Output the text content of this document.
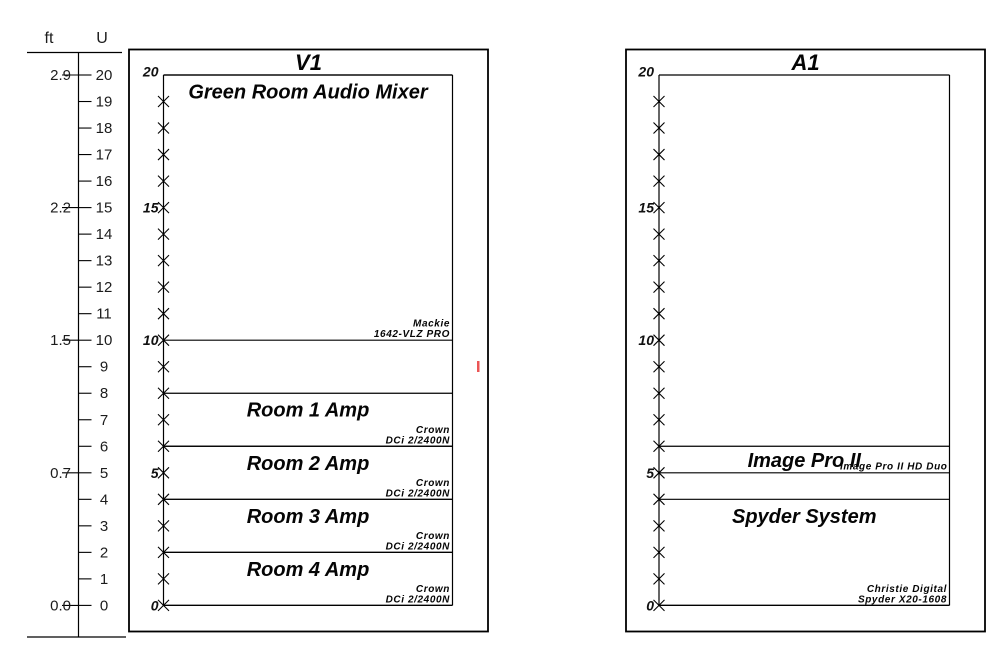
ft	U
20
19
18
17
16
15
14
13
12
11
10
9
8
7
6
5
4
3
2
1
0
2.9
2.2
1.5
0.7
0.0
V1
20
15
10
5
0
Green Room Audio Mixer
Mackie
1642-VLZ PRO
Room 1 Amp
Crown
DCi 2/2400N
Room 2 Amp
Crown
DCi 2/2400N
Room 3 Amp
Crown
DCi 2/2400N
Room 4 Amp
Crown
DCi 2/2400N
A1
20
15
10
5
0
Image Pro II
Image Pro II HD Duo
Spyder System
Christie Digital
Spyder X20-1608
